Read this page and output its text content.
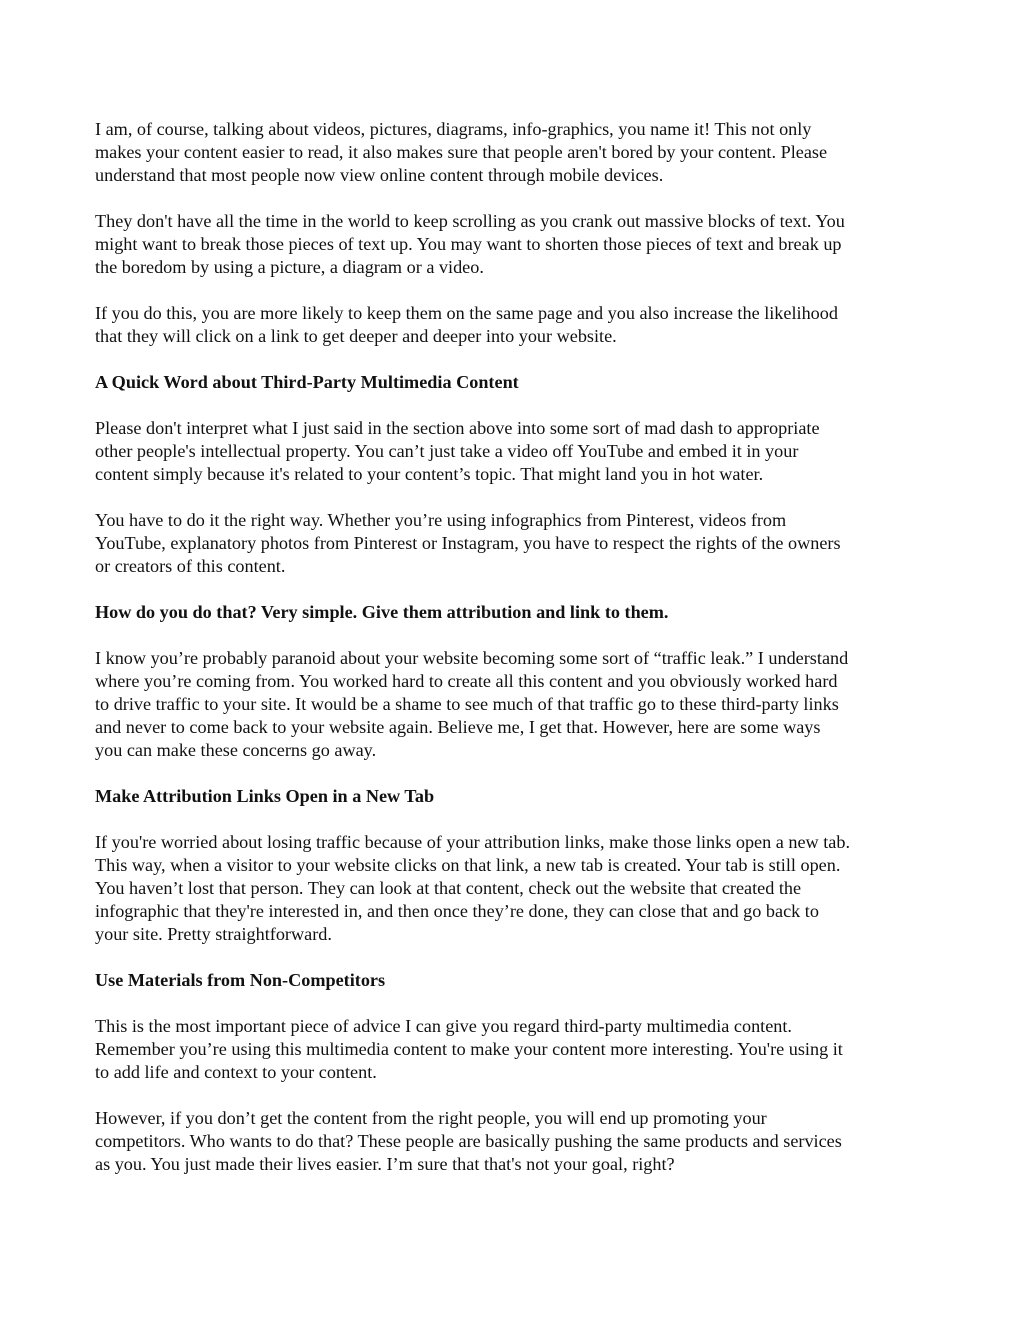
I am, of course, talking about videos, pictures, diagrams, info-graphics, you name it! This not only
makes your content easier to read, it also makes sure that people aren't bored by your content. Please
understand that most people now view online content through mobile devices.
They don't have all the time in the world to keep scrolling as you crank out massive blocks of text. You
might want to break those pieces of text up. You may want to shorten those pieces of text and break up
the boredom by using a picture, a diagram or a video.
If you do this, you are more likely to keep them on the same page and you also increase the likelihood
that they will click on a link to get deeper and deeper into your website.
A Quick Word about Third-Party Multimedia Content
Please don't interpret what I just said in the section above into some sort of mad dash to appropriate
other people's intellectual property. You can’t just take a video off YouTube and embed it in your
content simply because it's related to your content’s topic. That might land you in hot water.
You have to do it the right way. Whether you’re using infographics from Pinterest, videos from
YouTube, explanatory photos from Pinterest or Instagram, you have to respect the rights of the owners
or creators of this content.
How do you do that? Very simple. Give them attribution and link to them.
I know you’re probably paranoid about your website becoming some sort of “traffic leak.” I understand
where you’re coming from. You worked hard to create all this content and you obviously worked hard
to drive traffic to your site. It would be a shame to see much of that traffic go to these third-party links
and never to come back to your website again. Believe me, I get that. However, here are some ways
you can make these concerns go away.
Make Attribution Links Open in a New Tab
If you're worried about losing traffic because of your attribution links, make those links open a new tab.
This way, when a visitor to your website clicks on that link, a new tab is created. Your tab is still open.
You haven’t lost that person. They can look at that content, check out the website that created the
infographic that they're interested in, and then once they’re done, they can close that and go back to
your site. Pretty straightforward.
Use Materials from Non-Competitors
This is the most important piece of advice I can give you regard third-party multimedia content.
Remember you’re using this multimedia content to make your content more interesting. You're using it
to add life and context to your content.
However, if you don’t get the content from the right people, you will end up promoting your
competitors. Who wants to do that? These people are basically pushing the same products and services
as you. You just made their lives easier. I’m sure that that's not your goal, right?
